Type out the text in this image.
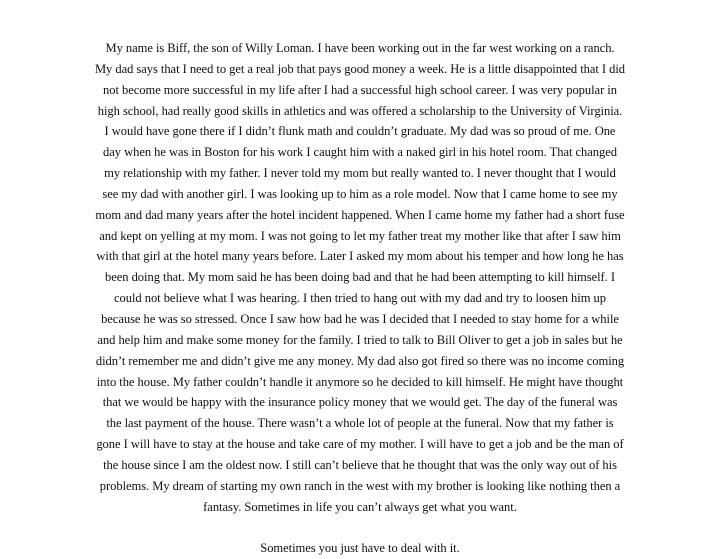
My name is Biff, the son of Willy Loman. I have been working out in the far west working on a ranch.
My dad says that I need to get a real job that pays good money a week. He is a little disappointed that I did
not become more successful in my life after I had a successful high school career. I was very popular in
high school, had really good skills in athletics and was offered a scholarship to the University of Virginia.
I would have gone there if I didn’t flunk math and couldn’t graduate. My dad was so proud of me. One
day when he was in Boston for his work I caught him with a naked girl in his hotel room. That changed
my relationship with my father. I never told my mom but really wanted to. I never thought that I would
see my dad with another girl. I was looking up to him as a role model. Now that I came home to see my
mom and dad many years after the hotel incident happened. When I came home my father had a short fuse
and kept on yelling at my mom. I was not going to let my father treat my mother like that after I saw him
with that girl at the hotel many years before. Later I asked my mom about his temper and how long he has
been doing that. My mom said he has been doing bad and that he had been attempting to kill himself. I
could not believe what I was hearing. I then tried to hang out with my dad and try to loosen him up
because he was so stressed. Once I saw how bad he was I decided that I needed to stay home for a while
and help him and make some money for the family. I tried to talk to Bill Oliver to get a job in sales but he
didn’t remember me and didn’t give me any money. My dad also got fired so there was no income coming
into the house. My father couldn’t handle it anymore so he decided to kill himself. He might have thought
that we would be happy with the insurance policy money that we would get. The day of the funeral was
the last payment of the house. There wasn’t a whole lot of people at the funeral. Now that my father is
gone I will have to stay at the house and take care of my mother. I will have to get a job and be the man of
the house since I am the oldest now. I still can’t believe that he thought that was the only way out of his
problems. My dream of starting my own ranch in the west with my brother is looking like nothing then a
fantasy. Sometimes in life you can’t always get what you want.
Sometimes you just have to deal with it.
